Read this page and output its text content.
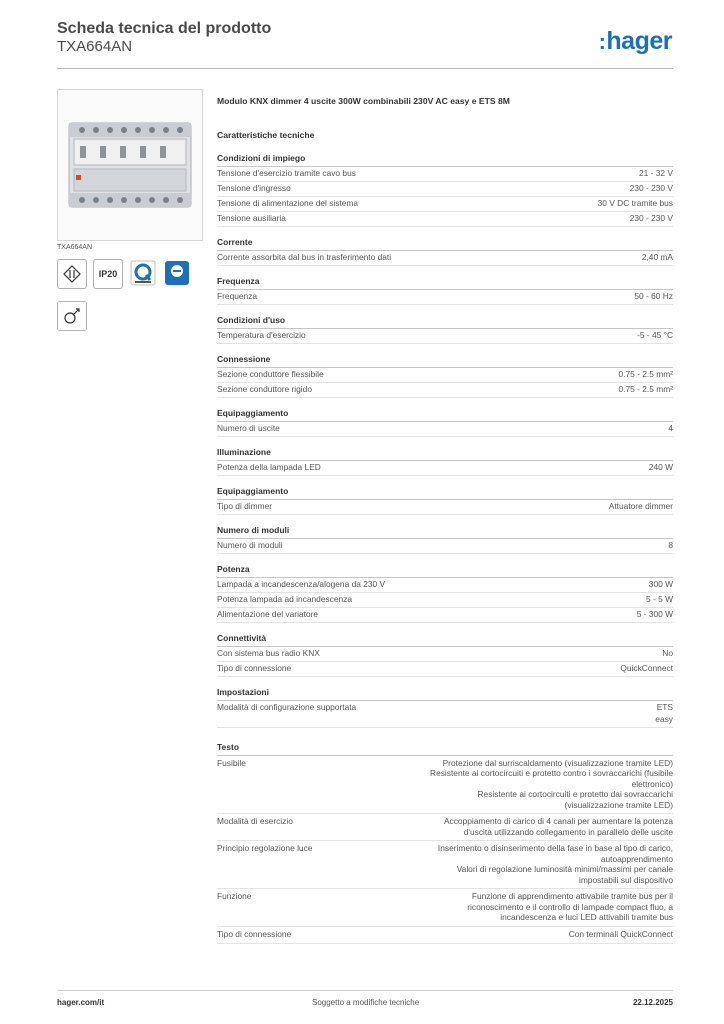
Scheda tecnica del prodotto
TXA664AN	:hager
TXA664AN
IP20
Modulo KNX dimmer 4 uscite 300W combinabili 230V AC easy e ETS 8M
Caratteristiche tecniche
Condizioni di impiego
Tensione d'esercizio tramite cavo bus	21 - 32 V
Tensione d'ingresso	230 - 230 V
Tensione di alimentazione del sistema	30 V DC tramite bus
Tensione ausiliaria	230 - 230 V
Corrente
Corrente assorbita dal bus in trasferimento dati	2,40 mA
Frequenza
Frequenza	50 - 60 Hz
Condizioni d'uso
Temperatura d'esercizio	-5 - 45 °C
Connessione
Sezione conduttore flessibile	0.75 - 2.5 mm²
Sezione conduttore rigido	0.75 - 2.5 mm²
Equipaggiamento
Numero di uscite	4
Illuminazione
Potenza della lampada LED	240 W
Equipaggiamento
Tipo di dimmer	Attuatore dimmer
Numero di moduli
Numero di moduli	8
Potenza
Lampada a incandescenza/alogena da 230 V	300 W
Potenza lampada ad incandescenza	5 - 5 W
Alimentazione del variatore	5 - 300 W
Connettività
Con sistema bus radio KNX	No
Tipo di connessione	QuickConnect
Impostazioni
Modalità di configurazione supportata	ETS
easy
Testo
Fusibile	Protezione dal surriscaldamento (visualizzazione tramite LED)
Resistente ai cortocircuiti e protetto contro i sovraccarichi (fusibile elettronico)
Resistente ai cortocircuiti e protetto dai sovraccarichi (visualizzazione tramite LED)
Modalità di esercizio	Accoppiamento di carico di 4 canali per aumentare la potenza d'uscita utilizzando collegamento in parallelo delle uscite
Principio regolazione luce	Inserimento o disinserimento della fase in base al tipo di carico, autoapprendimento
Valori di regolazione luminosità minimi/massimi per canale impostabili sul dispositivo
Funzione	Funzione di apprendimento attivabile tramite bus per il riconoscimento e il controllo di lampade compact fluo, a incandescenza e luci LED attivabili tramite bus
Tipo di connessione	Con terminali QuickConnect
hager.com/it	Soggetto a modifiche tecniche	22.12.2025
